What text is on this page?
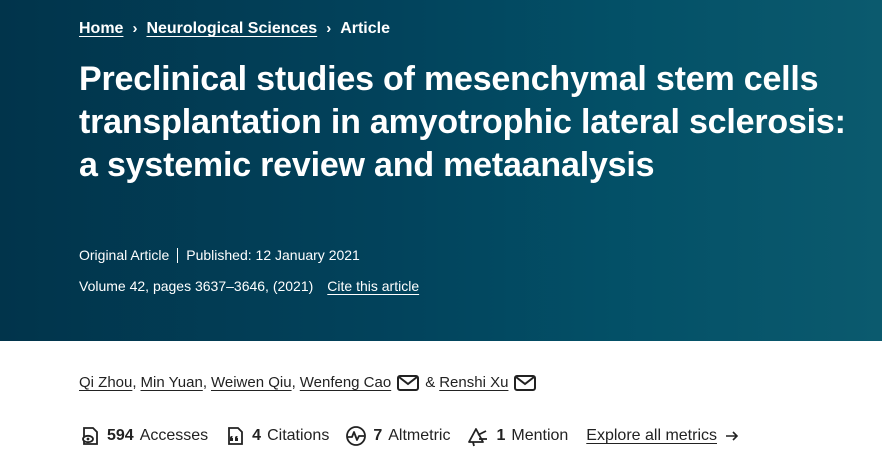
Home › Neurological Sciences › Article
Preclinical studies of mesenchymal stem cells transplantation in amyotrophic lateral sclerosis: a systemic review and metaanalysis
Original Article Published: 12 January 2021
Volume 42, pages 3637–3646, (2021) Cite this article
Qi Zhou , Min Yuan , Weiwen Qiu , Wenfeng Cao & Renshi Xu
594 Accesses	4 Citations	7 Altmetric	1 Mention Explore all metrics
